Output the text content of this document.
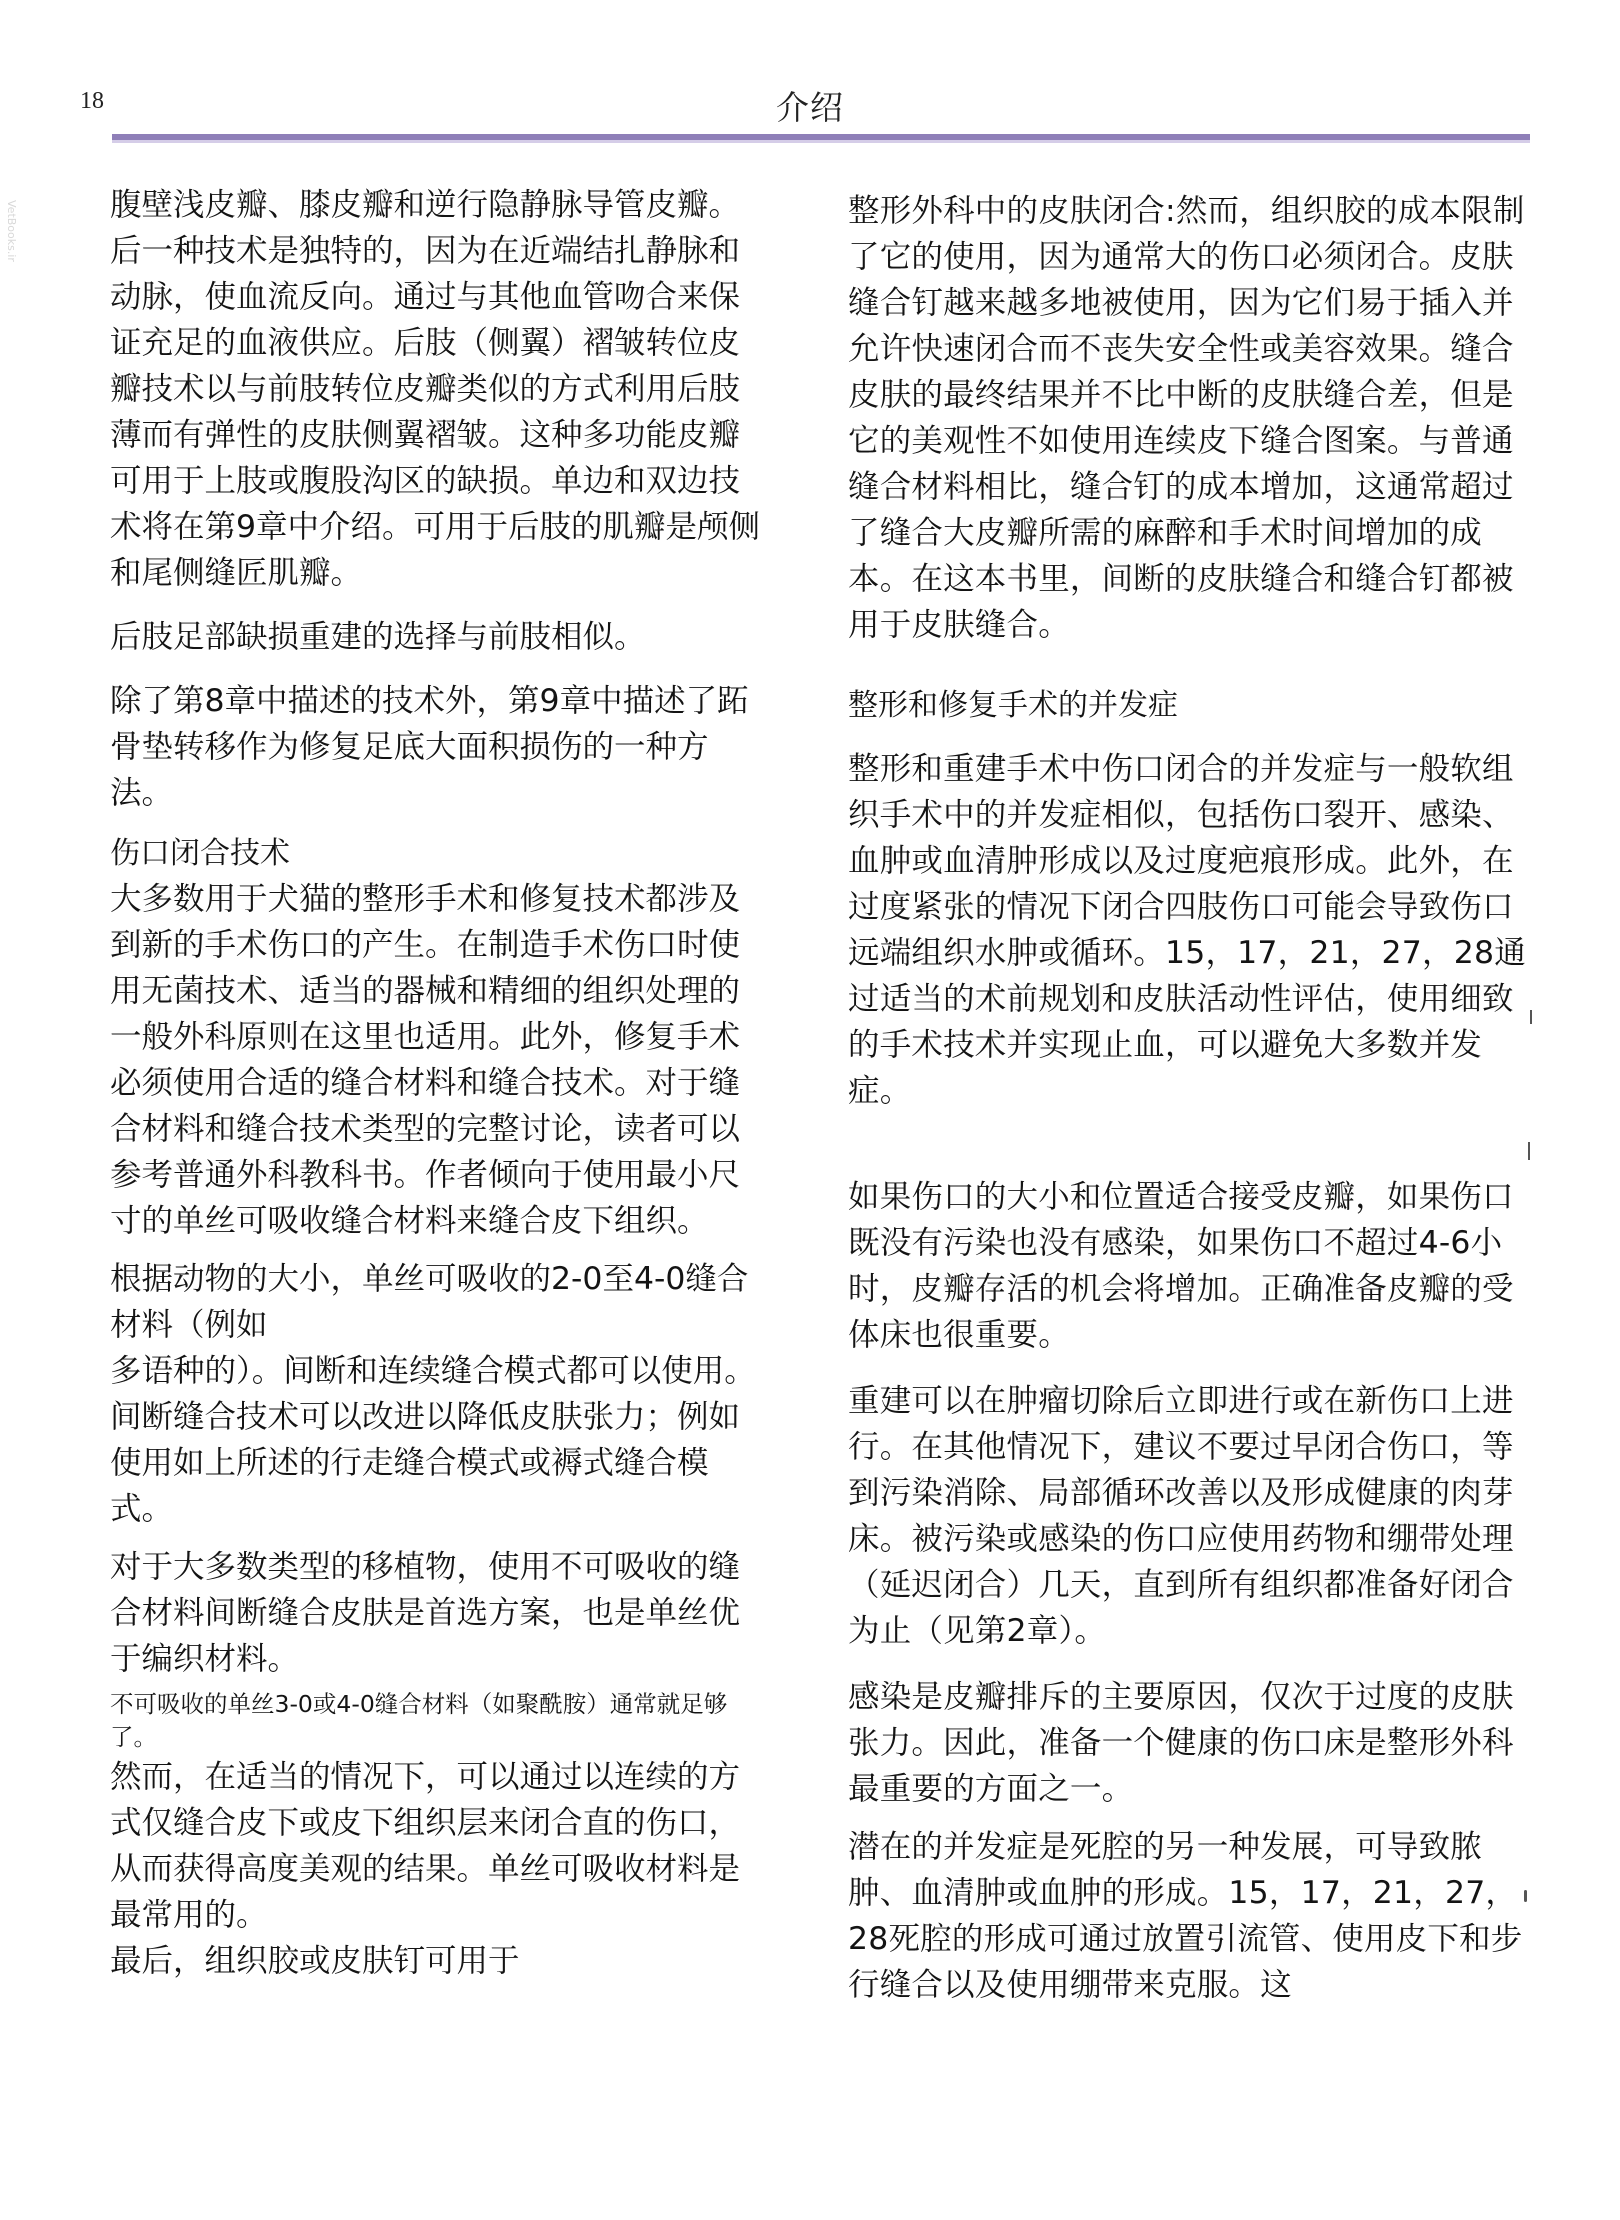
VetBooks.ir
18	介绍

腹壁浅皮瓣、膝皮瓣和逆行隐静脉导管皮瓣。后一种技术是独特的，因为在近端结扎静脉和动脉，使血流反向。通过与其他血管吻合来保证充足的血液供应。后肢（侧翼）褶皱转位皮瓣技术以与前肢转位皮瓣类似的方式利用后肢薄而有弹性的皮肤侧翼褶皱。这种多功能皮瓣可用于上肢或腹股沟区的缺损。单边和双边技术将在第9章中介绍。可用于后肢的肌瓣是颅侧和尾侧缝匠肌瓣。

后肢足部缺损重建的选择与前肢相似。

除了第8章中描述的技术外，第9章中描述了跖骨垫转移作为修复足底大面积损伤的一种方法。

伤口闭合技术

大多数用于犬猫的整形手术和修复技术都涉及到新的手术伤口的产生。在制造手术伤口时使用无菌技术、适当的器械和精细的组织处理的一般外科原则在这里也适用。此外，修复手术必须使用合适的缝合材料和缝合技术。对于缝合材料和缝合技术类型的完整讨论，读者可以参考普通外科教科书。作者倾向于使用最小尺寸的单丝可吸收缝合材料来缝合皮下组织。

根据动物的大小，单丝可吸收的2-0至4-0缝合材料（例如

多语种的）。间断和连续缝合模式都可以使用。间断缝合技术可以改进以降低皮肤张力；例如使用如上所述的行走缝合模式或褥式缝合模式。

对于大多数类型的移植物，使用不可吸收的缝合材料间断缝合皮肤是首选方案，也是单丝优于编织材料。

不可吸收的单丝3-0或4-0缝合材料（如聚酰胺）通常就足够了。

然而，在适当的情况下，可以通过以连续的方式仅缝合皮下或皮下组织层来闭合直的伤口，从而获得高度美观的结果。单丝可吸收材料是最常用的。

最后，组织胶或皮肤钉可用于

整形外科中的皮肤闭合:然而，组织胶的成本限制了它的使用，因为通常大的伤口必须闭合。皮肤缝合钉越来越多地被使用，因为它们易于插入并允许快速闭合而不丧失安全性或美容效果。缝合皮肤的最终结果并不比中断的皮肤缝合差，但是它的美观性不如使用连续皮下缝合图案。与普通缝合材料相比，缝合钉的成本增加，这通常超过了缝合大皮瓣所需的麻醉和手术时间增加的成本。在这本书里，间断的皮肤缝合和缝合钉都被用于皮肤缝合。

整形和修复手术的并发症

整形和重建手术中伤口闭合的并发症与一般软组织手术中的并发症相似，包括伤口裂开、感染、血肿或血清肿形成以及过度疤痕形成。此外，在过度紧张的情况下闭合四肢伤口可能会导致伤口远端组织水肿或循环。15，17，21，27，28通过适当的术前规划和皮肤活动性评估，使用细致的手术技术并实现止血，可以避免大多数并发症。

如果伤口的大小和位置适合接受皮瓣，如果伤口既没有污染也没有感染，如果伤口不超过4-6小时，皮瓣存活的机会将增加。正确准备皮瓣的受体床也很重要。

重建可以在肿瘤切除后立即进行或在新伤口上进行。在其他情况下，建议不要过早闭合伤口，等到污染消除、局部循环改善以及形成健康的肉芽床。被污染或感染的伤口应使用药物和绷带处理（延迟闭合）几天，直到所有组织都准备好闭合为止（见第2章）。

感染是皮瓣排斥的主要原因，仅次于过度的皮肤张力。因此，准备一个健康的伤口床是整形外科最重要的方面之一。

潜在的并发症是死腔的另一种发展，可导致脓肿、血清肿或血肿的形成。15，17，21，27，28死腔的形成可通过放置引流管、使用皮下和步行缝合以及使用绷带来克服。这
